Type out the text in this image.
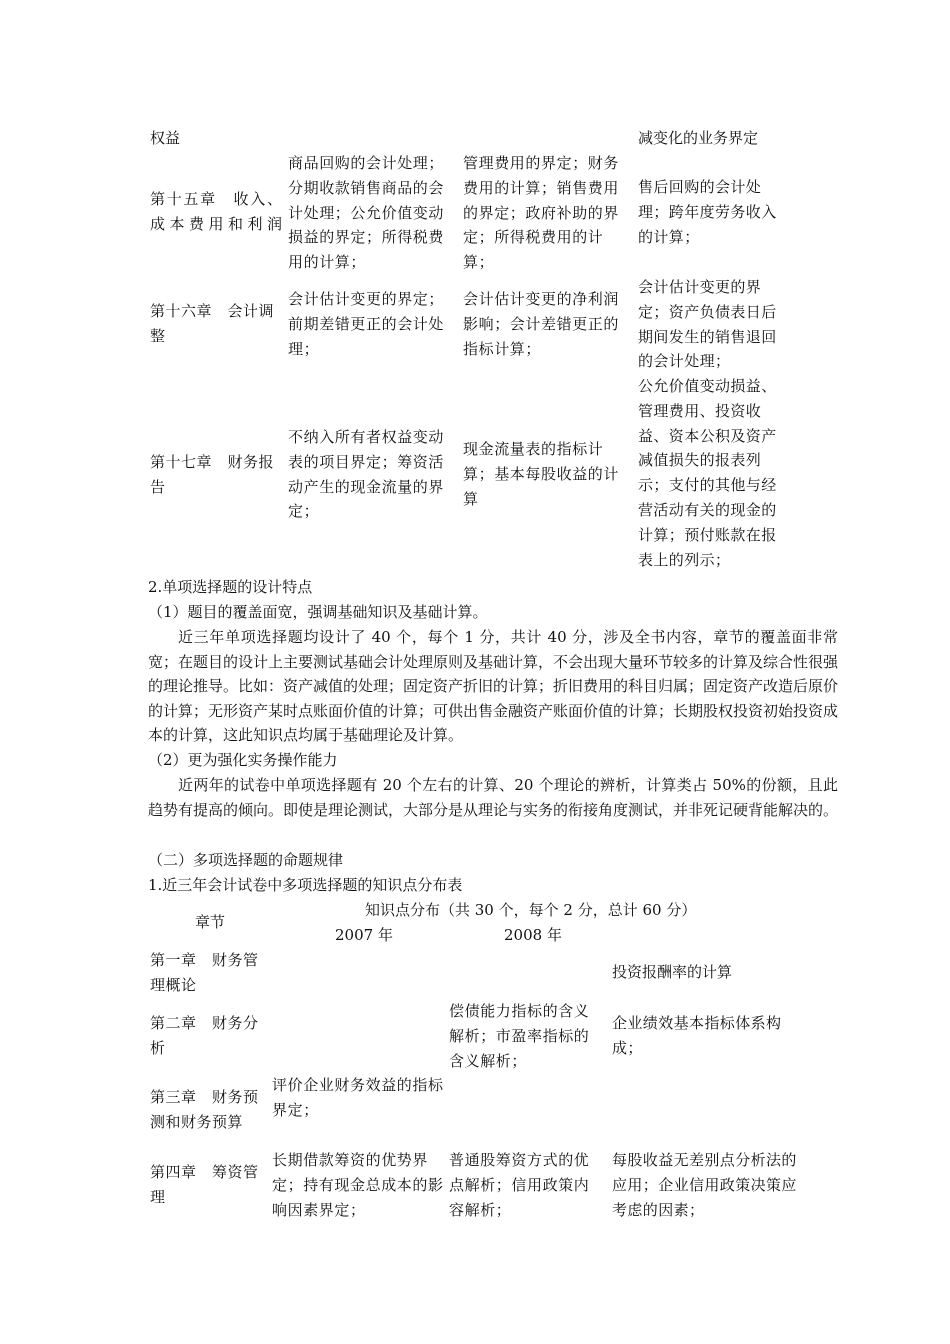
权益	减变化的业务界定
第十五章　收入、成本费用和利润
商品回购的会计处理；分期收款销售商品的会计处理；公允价值变动损益的界定；所得税费用的计算；
管理费用的界定；财务费用的计算；销售费用的界定；政府补助的界定；所得税费用的计算；
售后回购的会计处理；跨年度劳务收入的计算；
第十六章　会计调整
会计估计变更的界定；前期差错更正的会计处理；
会计估计变更的净利润影响；会计差错更正的指标计算；
会计估计变更的界定；资产负债表日后期间发生的销售退回的会计处理；
第十七章　财务报告
不纳入所有者权益变动表的项目界定；筹资活动产生的现金流量的界定；
现金流量表的指标计算；基本每股收益的计算
公允价值变动损益、管理费用、投资收益、资本公积及资产减值损失的报表列示；支付的其他与经营活动有关的现金的计算；预付账款在报表上的列示；
2.单项选择题的设计特点
（1）题目的覆盖面宽，强调基础知识及基础计算。
近三年单项选择题均设计了 40 个，每个 1 分，共计 40 分，涉及全书内容，章节的覆盖面非常宽；在题目的设计上主要测试基础会计处理原则及基础计算，不会出现大量环节较多的计算及综合性很强的理论推导。比如：资产减值的处理；固定资产折旧的计算；折旧费用的科目归属；固定资产改造后原价的计算；无形资产某时点账面价值的计算；可供出售金融资产账面价值的计算；长期股权投资初始投资成本的计算，这此知识点均属于基础理论及计算。
（2）更为强化实务操作能力
近两年的试卷中单项选择题有 20 个左右的计算、20 个理论的辨析，计算类占 50%的份额，且此趋势有提高的倾向。即使是理论测试，大部分是从理论与实务的衔接角度测试，并非死记硬背能解决的。
（二）多项选择题的命题规律
1.近三年会计试卷中多项选择题的知识点分布表
章节
知识点分布（共 30 个，每个 2 分，总计 60 分）
2007 年	2008 年
第一章　财务管理概论
投资报酬率的计算
第二章　财务分析
偿债能力指标的含义解析；市盈率指标的含义解析；
企业绩效基本指标体系构成；
第三章　财务预测和财务预算
评价企业财务效益的指标界定；
第四章　筹资管理
长期借款筹资的优势界定；持有现金总成本的影响因素界定；
普通股筹资方式的优点解析；信用政策内容解析；
每股收益无差别点分析法的应用；企业信用政策决策应考虑的因素；
